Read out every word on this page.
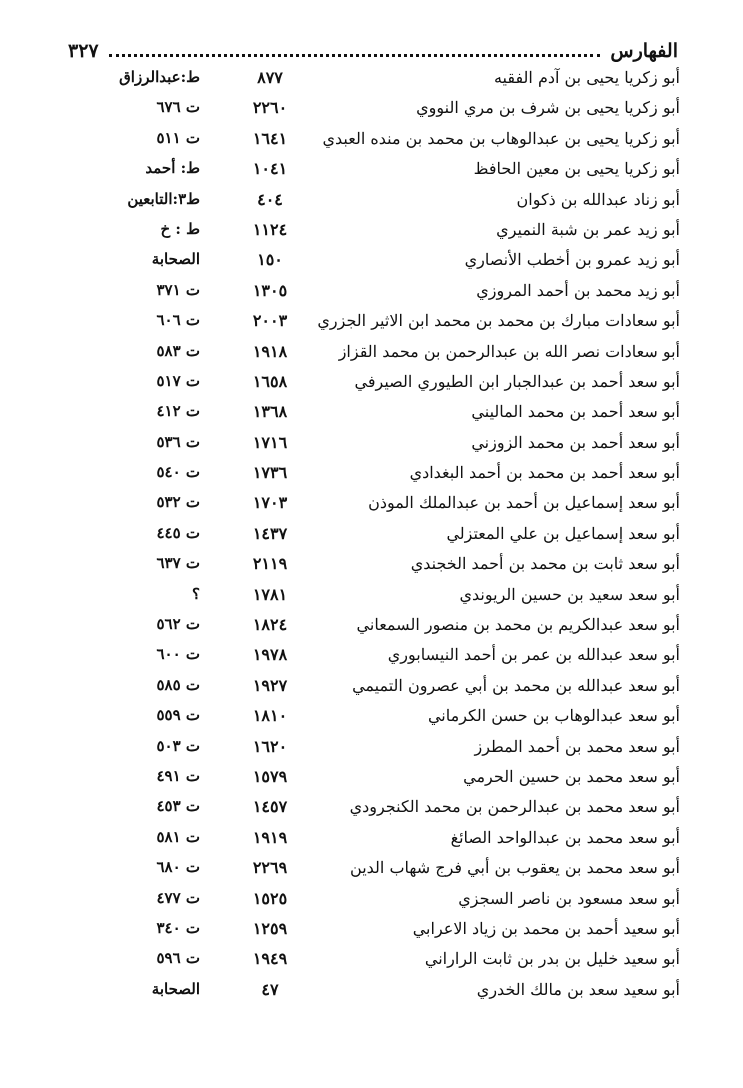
الفهارس
٣٢٧
أبو زكريا يحيى بن آدم الفقيه
٨٧٧
ط:عبدالرزاق
أبو زكريا يحيى بن شرف بن مري النووي
٢٢٦٠
ت ٦٧٦
أبو زكريا يحيى بن عبدالوهاب بن محمد بن منده العبدي
١٦٤١
ت ٥١١
أبو زكريا يحيى بن معين الحافظ
١٠٤١
ط: أحمد
أبو زناد عبدالله بن ذكوان
٤٠٤
ط٣:التابعين
أبو زيد عمر بن شبة النميري
١١٢٤
ط : خ
أبو زيد عمرو بن أخطب الأنصاري
١٥٠
الصحابة
أبو زيد محمد بن أحمد المروزي
١٣٠٥
ت ٣٧١
أبو سعادات مبارك بن محمد بن محمد ابن الاثير الجزري
٢٠٠٣
ت ٦٠٦
أبو سعادات نصر الله بن عبدالرحمن بن محمد القزاز
١٩١٨
ت ٥٨٣
أبو سعد أحمد بن عبدالجبار ابن الطيوري الصيرفي
١٦٥٨
ت ٥١٧
أبو سعد أحمد بن محمد الماليني
١٣٦٨
ت ٤١٢
أبو سعد أحمد بن محمد الزوزني
١٧١٦
ت ٥٣٦
أبو سعد أحمد بن محمد بن أحمد البغدادي
١٧٣٦
ت ٥٤٠
أبو سعد إسماعيل بن أحمد بن عبدالملك الموذن
١٧٠٣
ت ٥٣٢
أبو سعد إسماعيل بن علي المعتزلي
١٤٣٧
ت ٤٤٥
أبو سعد ثابت بن محمد بن أحمد الخجندي
٢١١٩
ت ٦٣٧
أبو سعد سعيد بن حسين الريوندي
١٧٨١
؟
أبو سعد عبدالكريم بن محمد بن منصور السمعاني
١٨٢٤
ت ٥٦٢
أبو سعد عبدالله بن عمر بن أحمد النيسابوري
١٩٧٨
ت ٦٠٠
أبو سعد عبدالله بن محمد بن أبي عصرون التميمي
١٩٢٧
ت ٥٨٥
أبو سعد عبدالوهاب بن حسن الكرماني
١٨١٠
ت ٥٥٩
أبو سعد محمد بن أحمد المطرز
١٦٢٠
ت ٥٠٣
أبو سعد محمد بن حسين الحرمي
١٥٧٩
ت ٤٩١
أبو سعد محمد بن عبدالرحمن بن محمد الكنجرودي
١٤٥٧
ت ٤٥٣
أبو سعد محمد بن عبدالواحد الصائغ
١٩١٩
ت ٥٨١
أبو سعد محمد بن يعقوب بن أبي فرج شهاب الدين
٢٢٦٩
ت ٦٨٠
أبو سعد مسعود بن ناصر السجزي
١٥٢٥
ت ٤٧٧
أبو سعيد أحمد بن محمد بن زياد الاعرابي
١٢٥٩
ت ٣٤٠
أبو سعيد خليل بن بدر بن ثابت الراراني
١٩٤٩
ت ٥٩٦
أبو سعيد سعد بن مالك الخدري
٤٧
الصحابة
